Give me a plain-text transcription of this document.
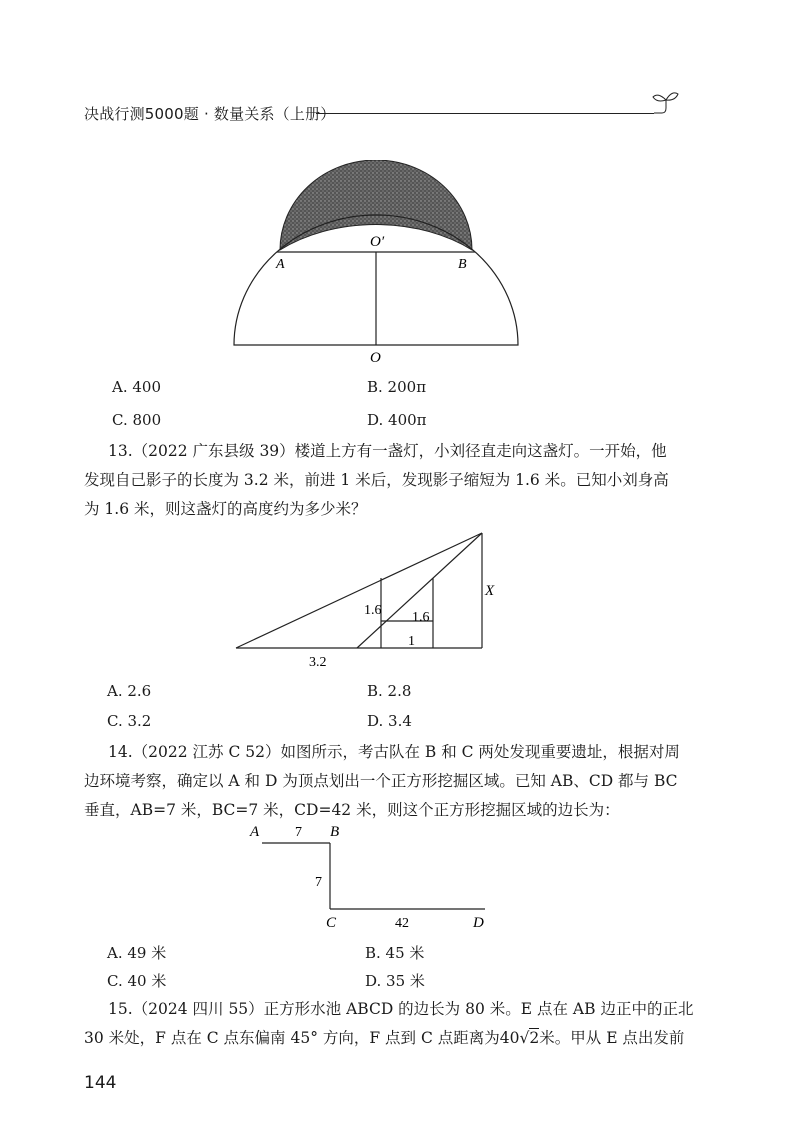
决战行测5000题 · 数量关系（上册）
O′
A	B
O
A. 400	B. 200π
C. 800	D. 400π

13.（2022 广东县级 39）楼道上方有一盏灯，小刘径直走向这盏灯。一开始，他

发现自己影子的长度为 3.2 米，前进 1 米后，发现影子缩短为 1.6 米。已知小刘身高

为 1.6 米，则这盏灯的高度约为多少米？

1.6 1.6
X
1
3.2
A. 2.6	B. 2.8
C. 3.2	D. 3.4

14.（2022 江苏 C 52）如图所示，考古队在 B 和 C 两处发现重要遗址，根据对周

边环境考察，确定以 A 和 D 为顶点划出一个正方形挖掘区域。已知 AB、CD 都与 BC

垂直，AB=7 米，BC=7 米，CD=42 米，则这个正方形挖掘区域的边长为：

A	7 B
7
C	42	D
A. 49 米	B. 45 米
C. 40 米	D. 35 米

15.（2024 四川 55）正方形水池 ABCD 的边长为 80 米。E 点在 AB 边正中的正北

30 米处，F 点在 C 点东偏南 45° 方向，F 点到 C 点距离为40√2米。甲从 E 点出发前

144
